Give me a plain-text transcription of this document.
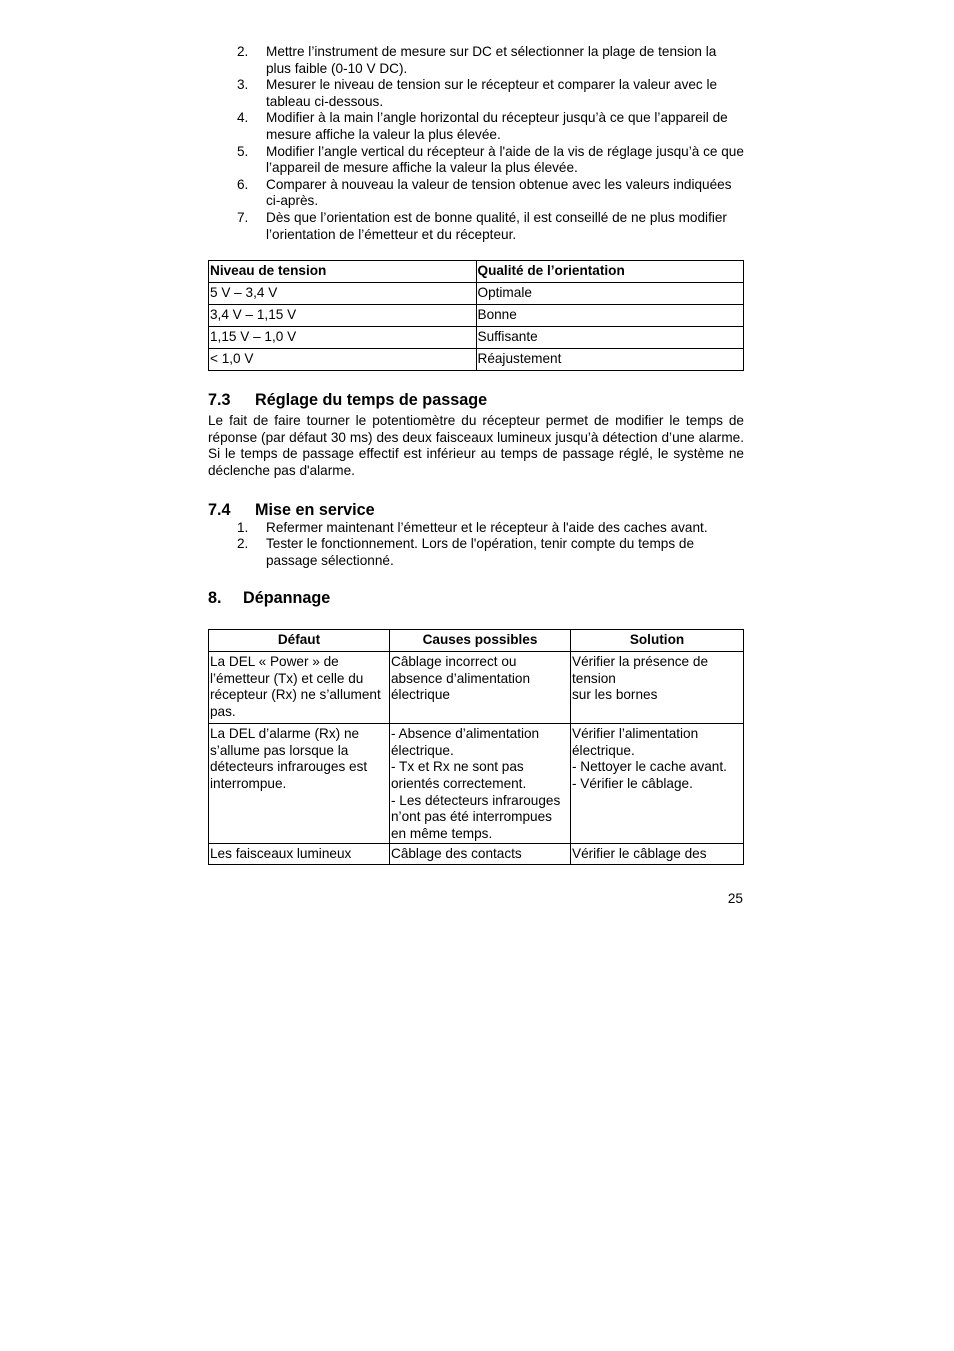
2. Mettre l’instrument de mesure sur DC et sélectionner la plage de tension la plus faible (0-10 V DC).
3. Mesurer le niveau de tension sur le récepteur et comparer la valeur avec le tableau ci-dessous.
4. Modifier à la main l’angle horizontal du récepteur jusqu’à ce que l’appareil de mesure affiche la valeur la plus élevée.
5. Modifier l’angle vertical du récepteur à l'aide de la vis de réglage jusqu’à ce que l’appareil de mesure affiche la valeur la plus élevée.
6. Comparer à nouveau la valeur de tension obtenue avec les valeurs indiquées ci-après.
7. Dès que l’orientation est de bonne qualité, il est conseillé de ne plus modifier l’orientation de l’émetteur et du récepteur.
Niveau de tension	Qualité de l’orientation
5 V – 3,4 V	Optimale
3,4 V – 1,15 V	Bonne
1,15 V – 1,0 V	Suffisante
< 1,0 V	Réajustement
7.3 Réglage du temps de passage

Le fait de faire tourner le potentiomètre du récepteur permet de modifier le temps de réponse (par défaut 30 ms) des deux faisceaux lumineux jusqu’à détection d’une alarme. Si le temps de passage effectif est inférieur au temps de passage réglé, le système ne déclenche pas d'alarme.

7.4 Mise en service
1. Refermer maintenant l’émetteur et le récepteur à l'aide des caches avant.
2. Tester le fonctionnement. Lors de l'opération, tenir compte du temps de passage sélectionné.
8. Dépannage
Défaut	Causes possibles	Solution

La DEL « Power » de l’émetteur (Tx) et celle du récepteur (Rx) ne s’allument pas.	Câblage incorrect ou absence d’alimentation électrique	Vérifier la présence de tension
sur les bornes

La DEL d’alarme (Rx) ne s’allume pas lorsque la détecteurs infrarouges est interrompue.	- Absence d’alimentation électrique.
- Tx et Rx ne sont pas orientés correctement.
- Les détecteurs infrarouges n’ont pas été interrompues en même temps.	Vérifier l’alimentation électrique.
- Nettoyer le cache avant.
- Vérifier le câblage.

Les faisceaux lumineux	Câblage des contacts	Vérifier le câblage des
25
